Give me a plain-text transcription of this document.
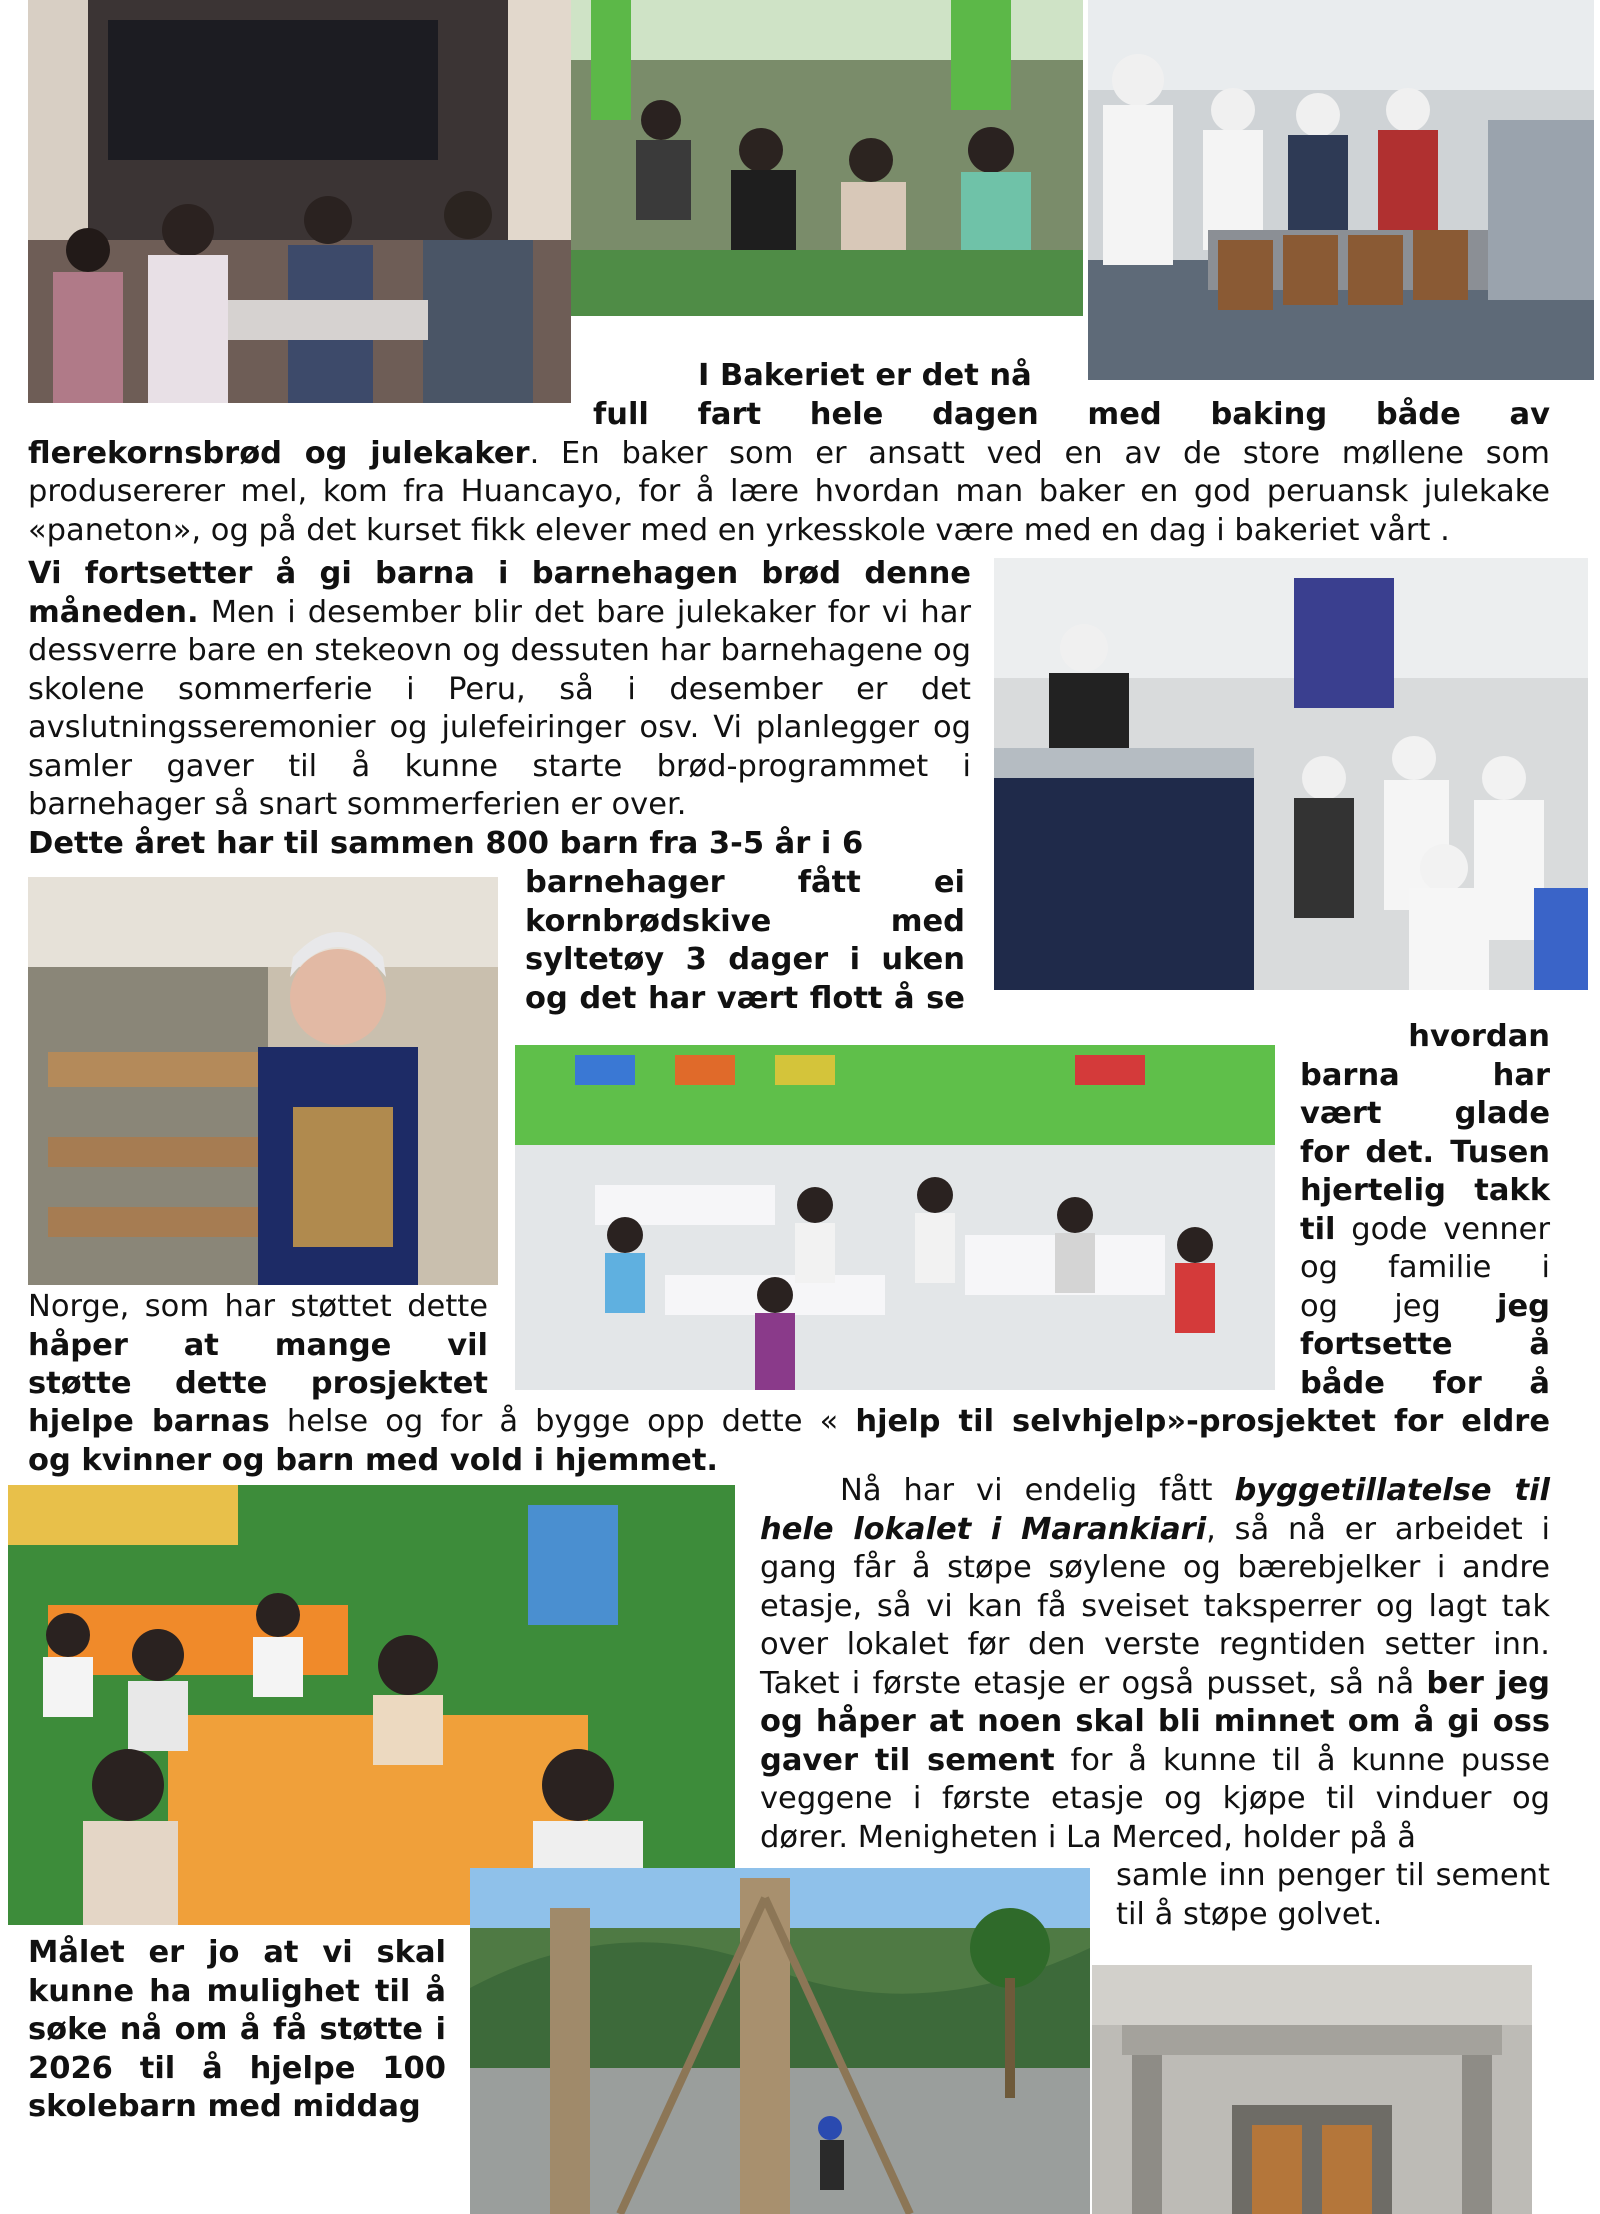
I Bakeriet er det nå
full fart hele dagen med baking både av
flerekornsbrød og julekaker. En baker som er ansatt ved en av de store møllene som
produsererer mel, kom fra Huancayo, for å lære hvordan man baker en god peruansk julekake
«paneton», og på det kurset fikk elever med en yrkesskole være med en dag i bakeriet vårt .
Vi fortsetter å gi barna i barnehagen brød denne måneden. Men i desember blir det bare julekaker for vi har dessverre bare en stekeovn og dessuten har barnehagene og skolene sommerferie i Peru, så i desember er det avslutningsseremonier og julefeiringer osv. Vi planlegger og samler gaver til å kunne starte brød-programmet i barnehager så snart sommerferien er over.
Dette året har til sammen 800 barn fra 3-5 år i 6
barnehager fått ei
kornbrødskive med
syltetøy 3 dager i uken
og det har vært flott å se
hvordan
barna har
vært glade
for det. Tusen
hjertelig takk
til gode venner
og familie i
og jeg jeg
fortsette å
både for å
Norge, som har støttet dette
håper at mange vil
støtte dette prosjektet
hjelpe barnas helse og for å bygge opp dette « hjelp til selvhjelp»-prosjektet for eldre
og kvinner og barn med vold i hjemmet.
Nå har vi endelig fått byggetillatelse til hele lokalet i Marankiari, så nå er arbeidet i gang får å støpe søylene og bærebjelker i andre etasje, så vi kan få sveiset taksperrer og lagt tak over lokalet før den verste regntiden setter inn. Taket i første etasje er også pusset, så nå ber jeg og håper at noen skal bli minnet om å gi oss gaver til sement for å kunne til å kunne pusse veggene i første etasje og kjøpe til vinduer og dører. Menigheten i La Merced, holder på å
samle inn penger til sement til å støpe golvet.
Målet er jo at vi skal kunne ha mulighet til å søke nå om å få støtte i 2026 til å hjelpe 100 skolebarn med middag
